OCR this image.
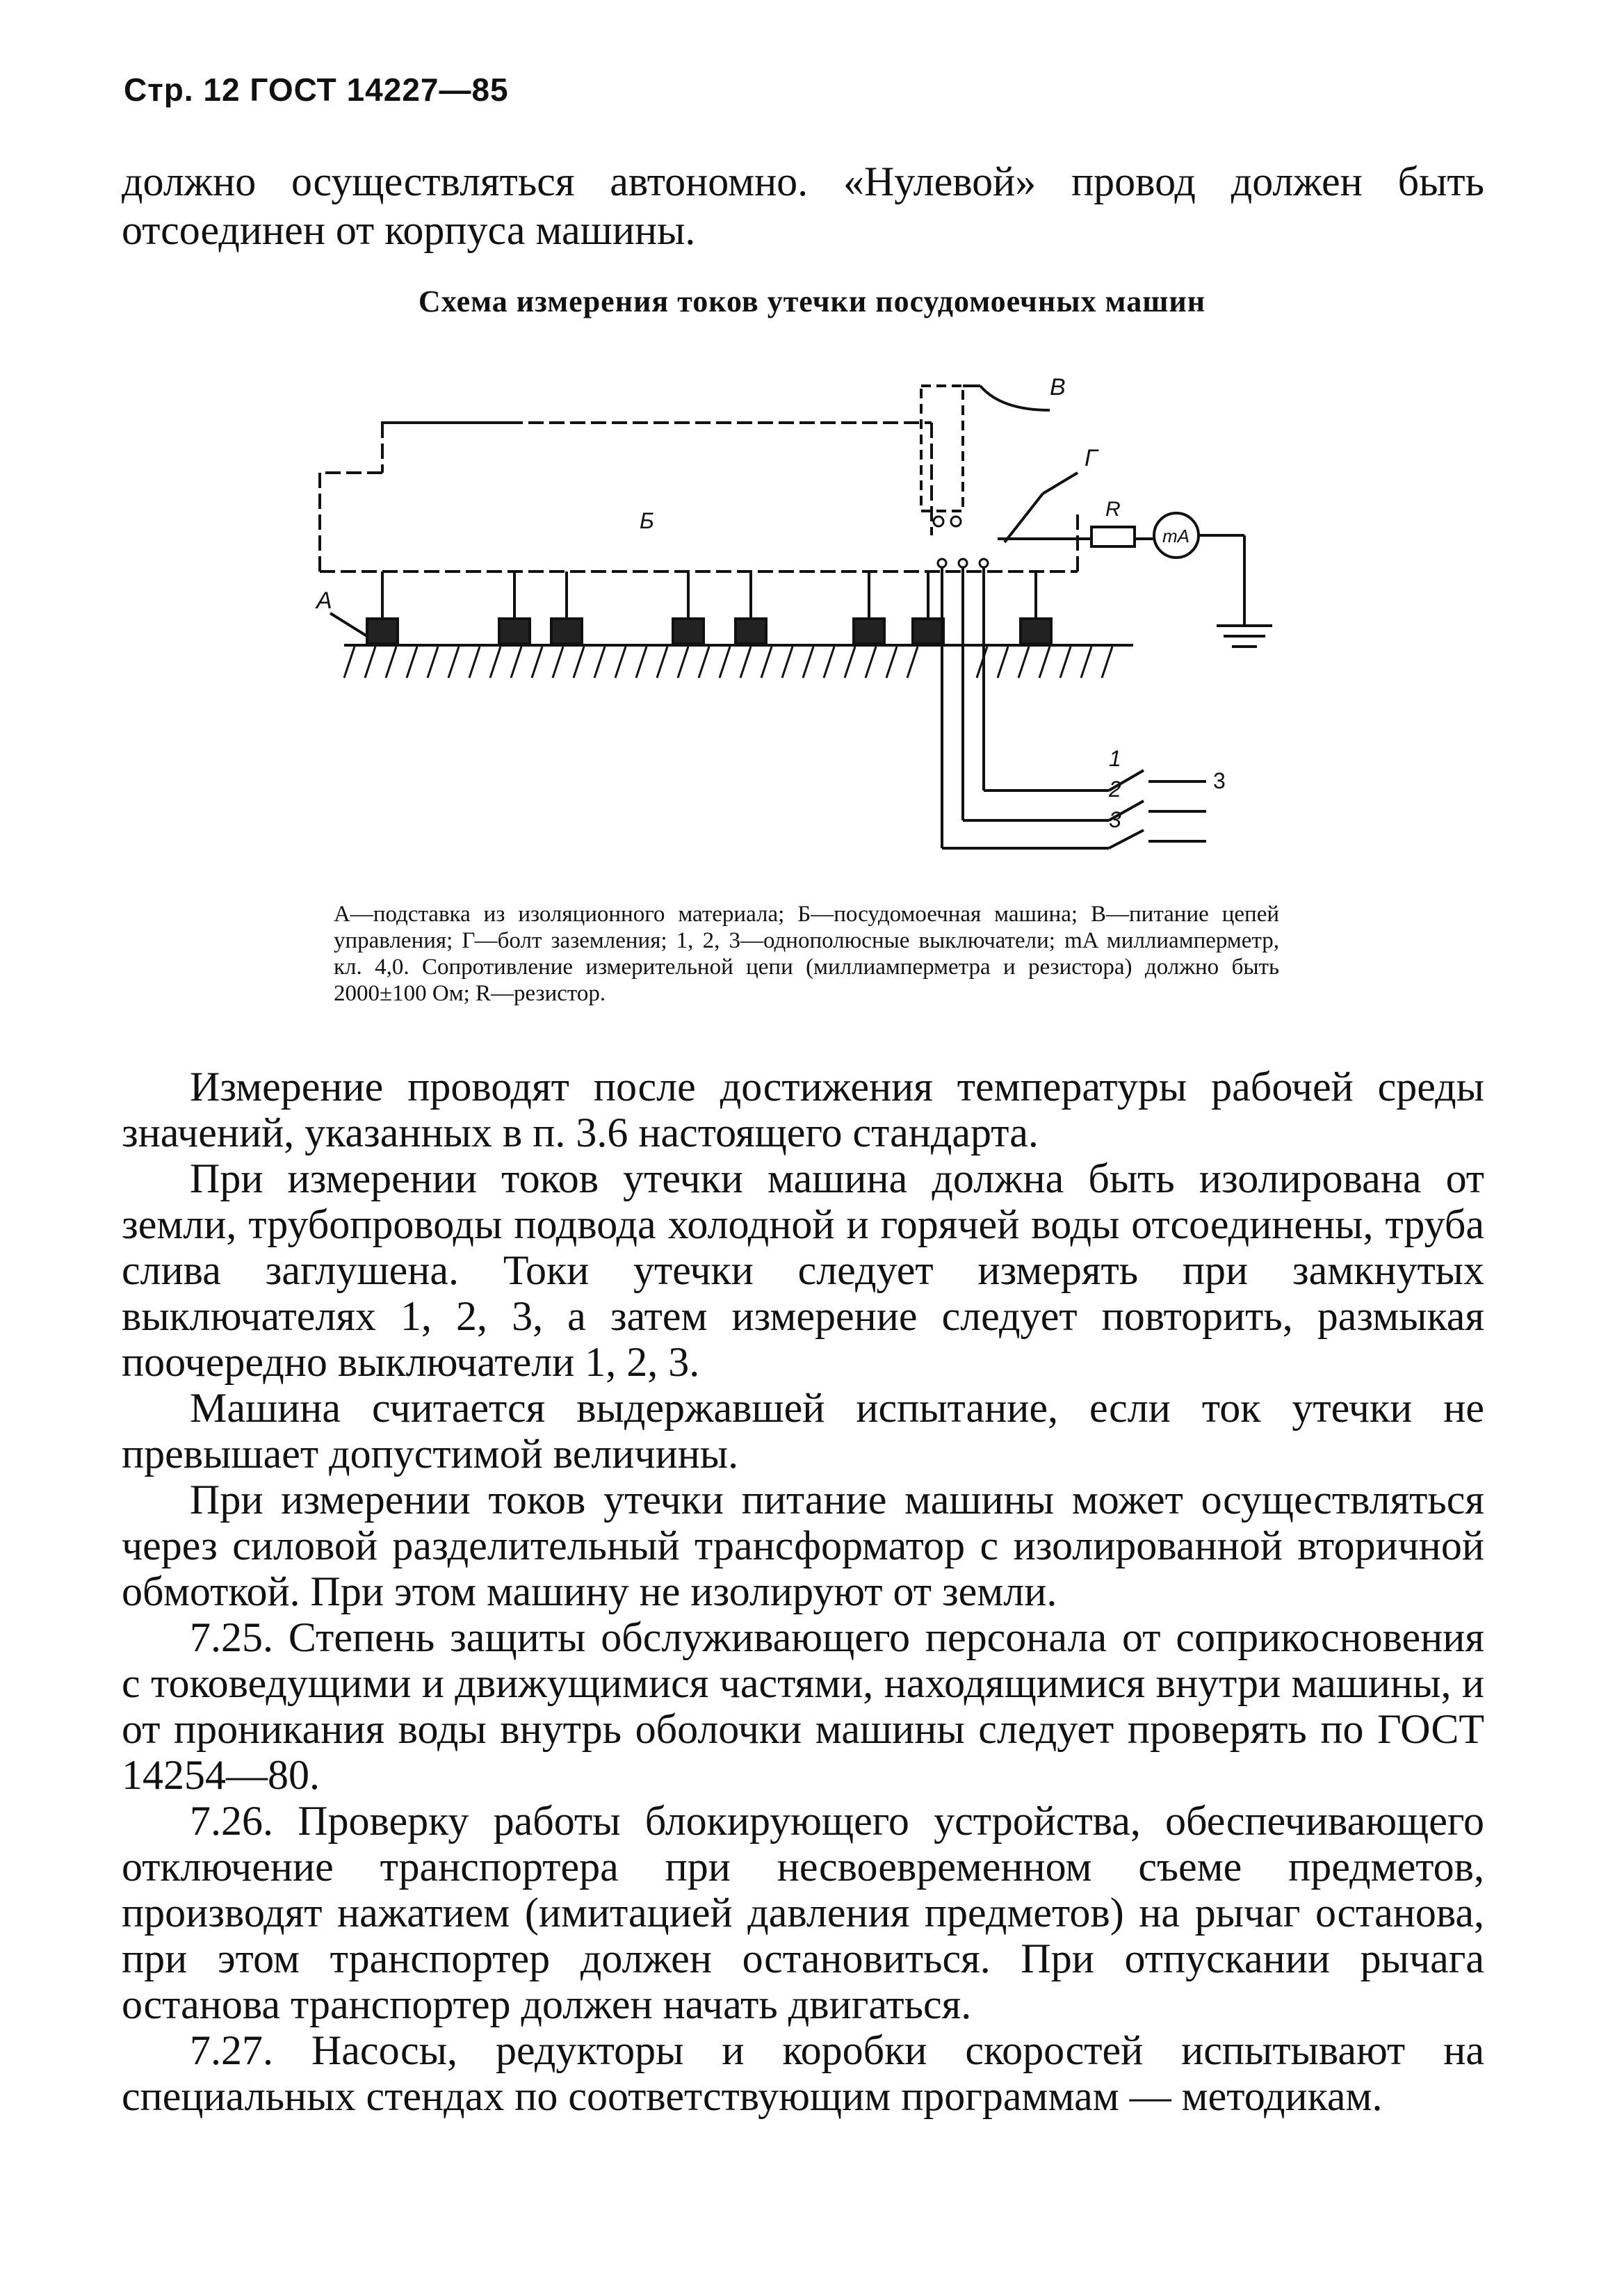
Стр. 12 ГОСТ 14227—85

должно осуществляться автономно. «Нулевой» провод должен быть отсоединен от корпуса машины.

Схема измерения токов утечки посудомоечных машин
В
Б
Г
R
mA
А
1
2
3
3

А—подставка из изоляционного материала; Б—посудомоечная машина; В—питание цепей управления; Г—болт заземления; 1, 2, 3—однополюсные выключатели; mA миллиамперметр, кл. 4,0. Сопротивление измерительной цепи (миллиамперметра и резистора) должно быть 2000±100 Ом; R—резистор.

Измерение проводят после достижения температуры рабочей среды значений, указанных в п. 3.6 настоящего стандарта.

При измерении токов утечки машина должна быть изолирована от земли, трубопроводы подвода холодной и горячей воды отсоединены, труба слива заглушена. Токи утечки следует измерять при замкнутых выключателях 1, 2, 3, а затем измерение следует повторить, размыкая поочередно выключатели 1, 2, 3.

Машина считается выдержавшей испытание, если ток утечки не превышает допустимой величины.

При измерении токов утечки питание машины может осуществляться через силовой разделительный трансформатор с изолированной вторичной обмоткой. При этом машину не изолируют от земли.

7.25. Степень защиты обслуживающего персонала от соприкосновения с токоведущими и движущимися частями, находящимися внутри машины, и от проникания воды внутрь оболочки машины следует проверять по ГОСТ 14254—80.

7.26. Проверку работы блокирующего устройства, обеспечивающего отключение транспортера при несвоевременном съеме предметов, производят нажатием (имитацией давления предметов) на рычаг останова, при этом транспортер должен остановиться. При отпускании рычага останова транспортер должен начать двигаться.

7.27. Насосы, редукторы и коробки скоростей испытывают на специальных стендах по соответствующим программам — методикам.
